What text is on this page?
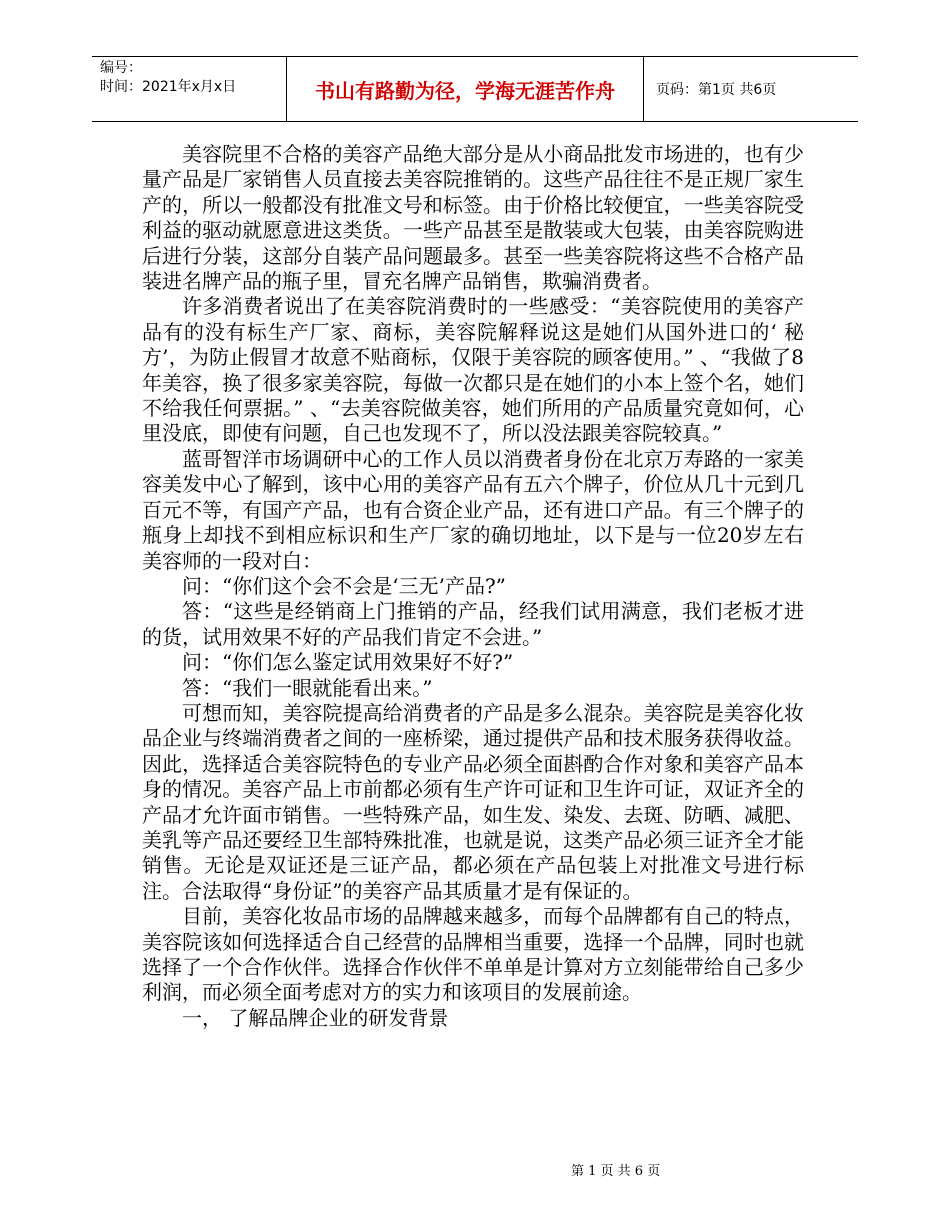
编号：
时间：2021年x月x日	书山有路勤为径，学海无涯苦作舟	页码：第1页 共6页

美容院里不合格的美容产品绝大部分是从小商品批发市场进的，也有少量产品是厂家销售人员直接去美容院推销的。这些产品往往不是正规厂家生产的，所以一般都没有批准文号和标签。由于价格比较便宜，一些美容院受利益的驱动就愿意进这类货。一些产品甚至是散装或大包装，由美容院购进后进行分装，这部分自装产品问题最多。甚至一些美容院将这些不合格产品装进名牌产品的瓶子里，冒充名牌产品销售，欺骗消费者。

许多消费者说出了在美容院消费时的一些感受：“美容院使用的美容产品有的没有标生产厂家、商标，美容院解释说这是她们从国外进口的‘ 秘方’，为防止假冒才故意不贴商标，仅限于美容院的顾客使用。” 、“我做了8年美容，换了很多家美容院，每做一次都只是在她们的小本上签个名，她们不给我任何票据。” 、“去美容院做美容，她们所用的产品质量究竟如何，心里没底，即使有问题，自己也发现不了，所以没法跟美容院较真。”

蓝哥智洋市场调研中心的工作人员以消费者身份在北京万寿路的一家美容美发中心了解到，该中心用的美容产品有五六个牌子，价位从几十元到几百元不等，有国产产品，也有合资企业产品，还有进口产品。有三个牌子的瓶身上却找不到相应标识和生产厂家的确切地址，以下是与一位20岁左右美容师的一段对白：

问：“你们这个会不会是‘三无’产品?”

答：“这些是经销商上门推销的产品，经我们试用满意，我们老板才进的货，试用效果不好的产品我们肯定不会进。”

问：“你们怎么鉴定试用效果好不好?”

答：“我们一眼就能看出来。”

可想而知，美容院提高给消费者的产品是多么混杂。美容院是美容化妆品企业与终端消费者之间的一座桥梁，通过提供产品和技术服务获得收益。因此，选择适合美容院特色的专业产品必须全面斟酌合作对象和美容产品本身的情况。美容产品上市前都必须有生产许可证和卫生许可证，双证齐全的产品才允许面市销售。一些特殊产品，如生发、染发、去斑、防晒、减肥、美乳等产品还要经卫生部特殊批准，也就是说，这类产品必须三证齐全才能销售。无论是双证还是三证产品，都必须在产品包装上对批准文号进行标注。合法取得“身份证”的美容产品其质量才是有保证的。

目前，美容化妆品市场的品牌越来越多，而每个品牌都有自己的特点，美容院该如何选择适合自己经营的品牌相当重要，选择一个品牌，同时也就选择了一个合作伙伴。选择合作伙伴不单单是计算对方立刻能带给自己多少利润，而必须全面考虑对方的实力和该项目的发展前途。

一， 了解品牌企业的研发背景

第 1 页 共 6 页
